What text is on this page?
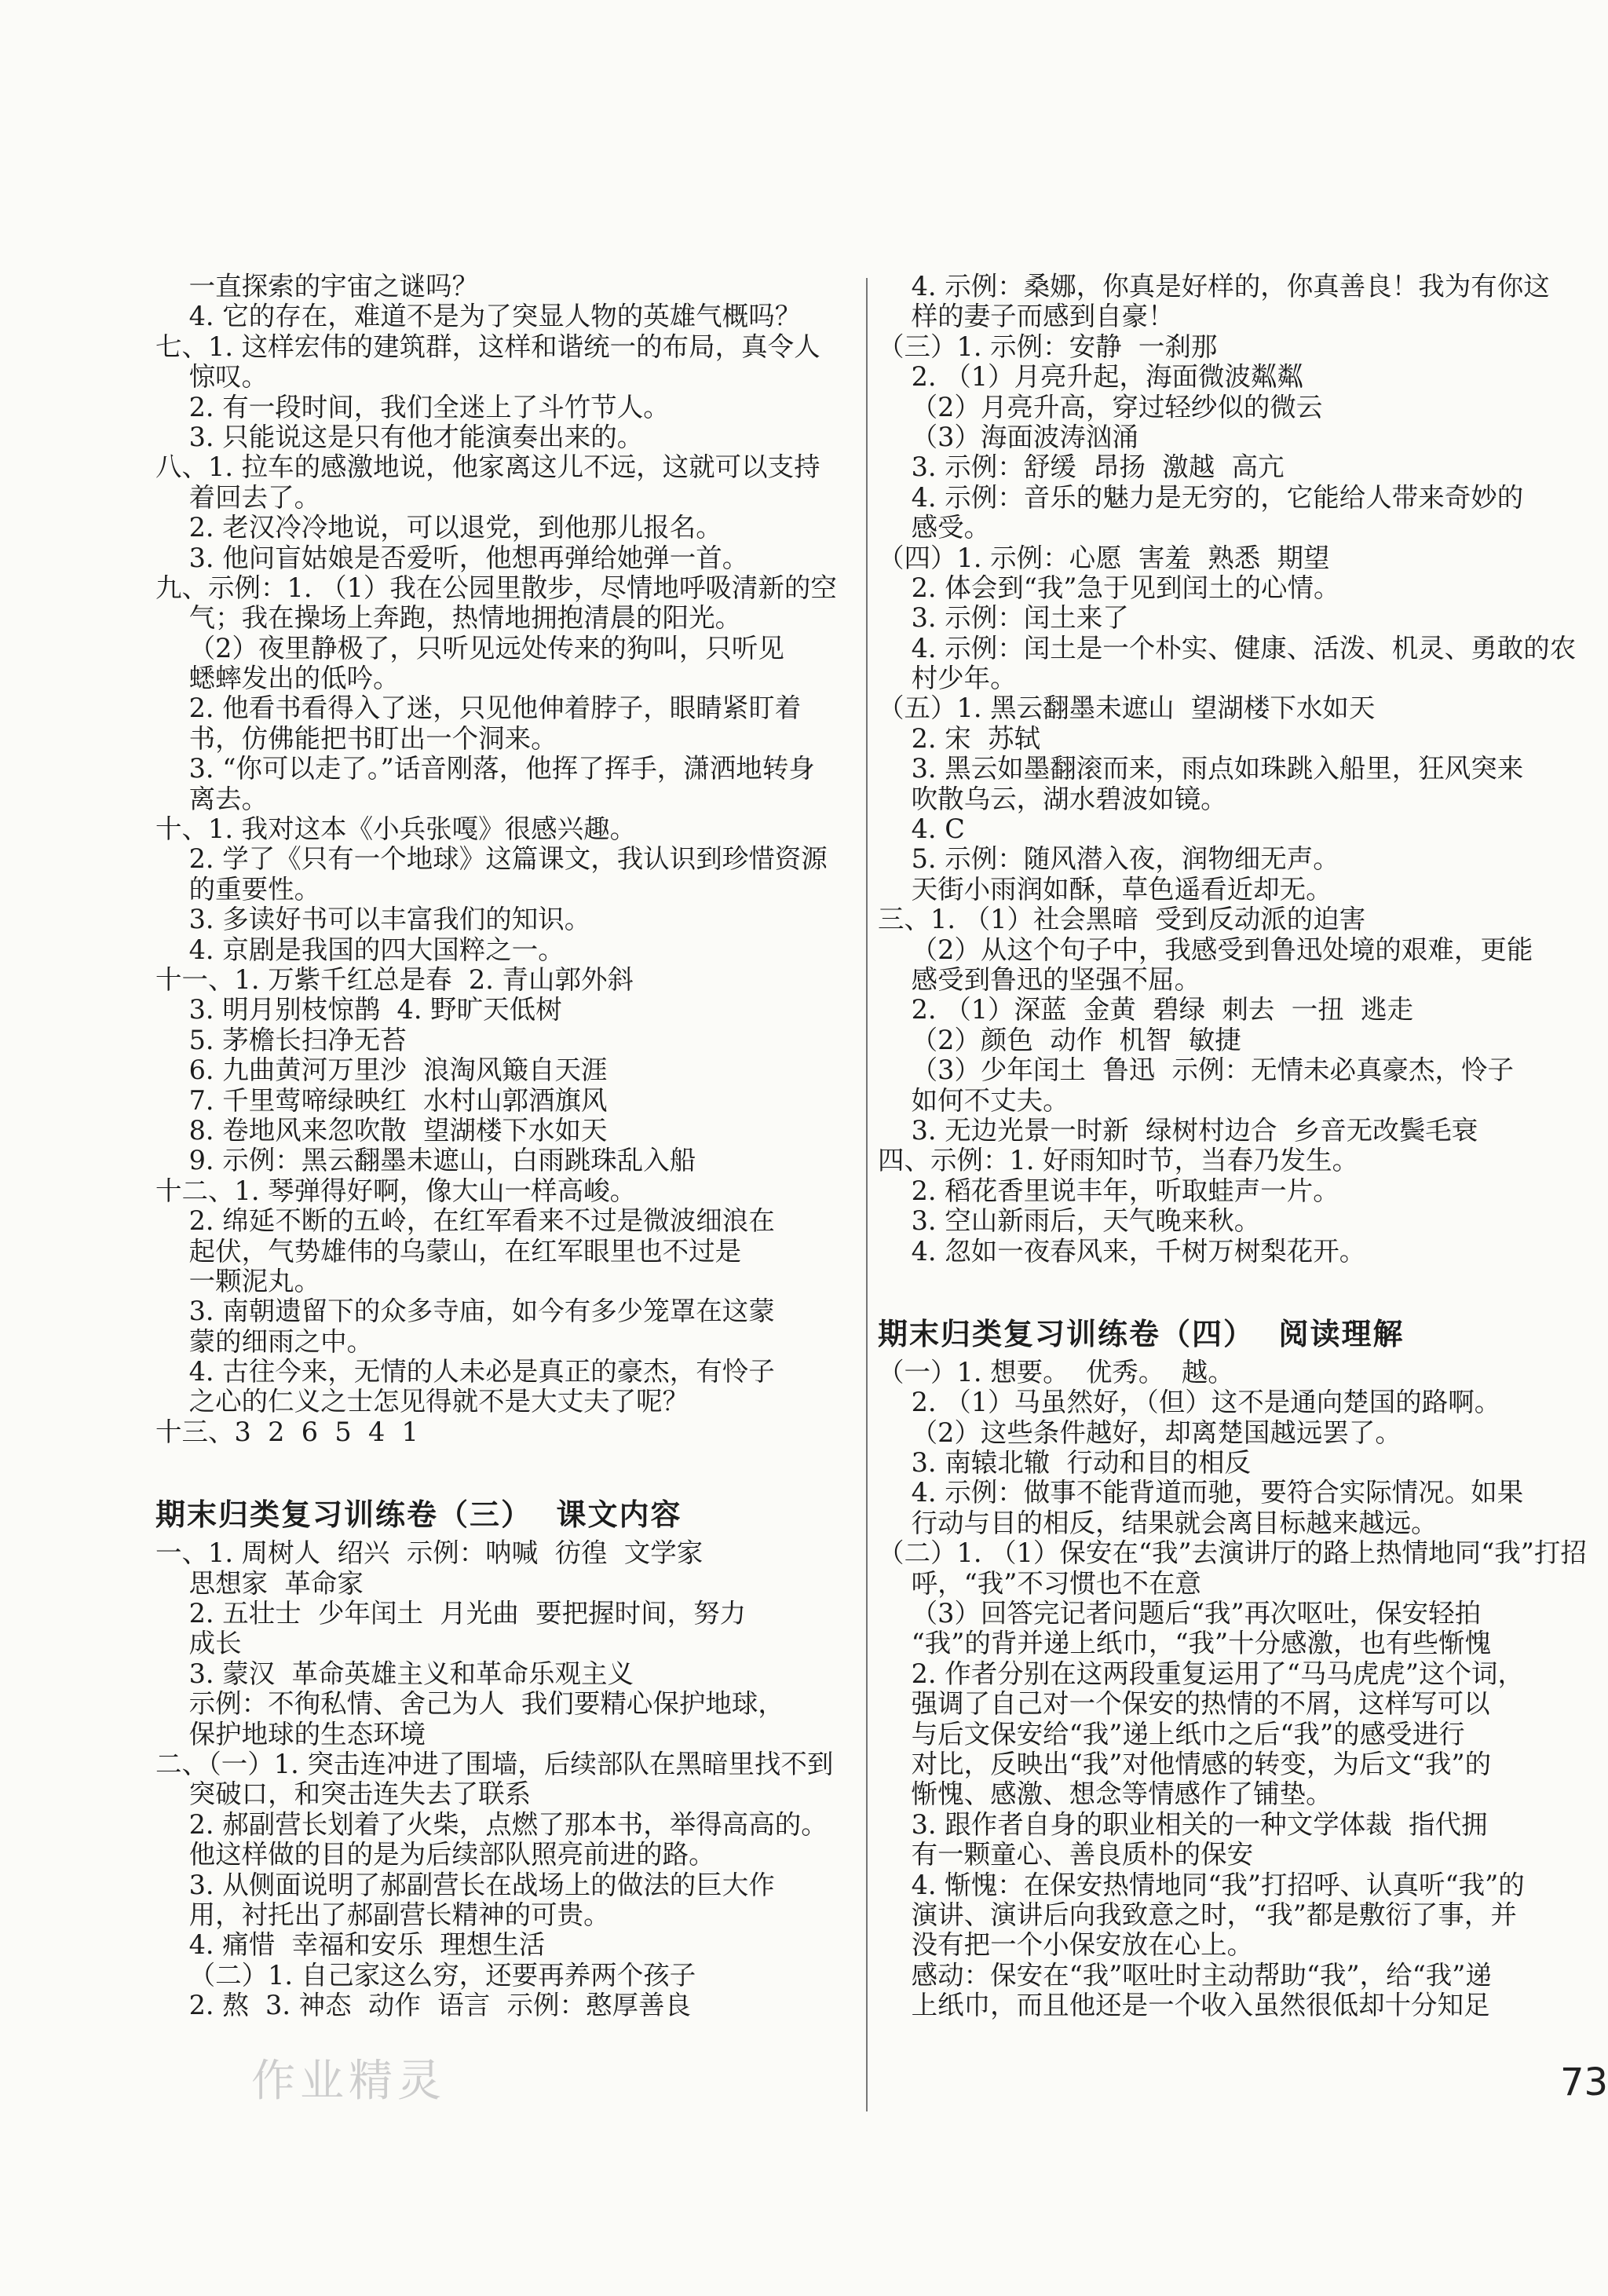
一直探索的宇宙之谜吗？
4. 它的存在，难道不是为了突显人物的英雄气概吗？
七、1. 这样宏伟的建筑群，这样和谐统一的布局，真令人
惊叹。
2. 有一段时间，我们全迷上了斗竹节人。
3. 只能说这是只有他才能演奏出来的。
八、1. 拉车的感激地说，他家离这儿不远，这就可以支持
着回去了。
2. 老汉冷冷地说，可以退党，到他那儿报名。
3. 他问盲姑娘是否爱听，他想再弹给她弹一首。
九、示例：1. （1）我在公园里散步，尽情地呼吸清新的空
气；我在操场上奔跑，热情地拥抱清晨的阳光。
（2）夜里静极了，只听见远处传来的狗叫，只听见
蟋蟀发出的低吟。
2. 他看书看得入了迷，只见他伸着脖子，眼睛紧盯着
书，仿佛能把书盯出一个洞来。
3. “你可以走了。”话音刚落，他挥了挥手，潇洒地转身
离去。
十、1. 我对这本《小兵张嘎》很感兴趣。
2. 学了《只有一个地球》这篇课文，我认识到珍惜资源
的重要性。
3. 多读好书可以丰富我们的知识。
4. 京剧是我国的四大国粹之一。
十一、1. 万紫千红总是春  2. 青山郭外斜
3. 明月别枝惊鹊  4. 野旷天低树
5. 茅檐长扫净无苔
6. 九曲黄河万里沙  浪淘风簸自天涯
7. 千里莺啼绿映红  水村山郭酒旗风
8. 卷地风来忽吹散  望湖楼下水如天
9. 示例：黑云翻墨未遮山，白雨跳珠乱入船
十二、1. 琴弹得好啊，像大山一样高峻。
2. 绵延不断的五岭，在红军看来不过是微波细浪在
起伏，气势雄伟的乌蒙山，在红军眼里也不过是
一颗泥丸。
3. 南朝遗留下的众多寺庙，如今有多少笼罩在这蒙
蒙的细雨之中。
4. 古往今来，无情的人未必是真正的豪杰，有怜子
之心的仁义之士怎见得就不是大丈夫了呢？
十三、3  2  6  5  4  1
期末归类复习训练卷（三）  课文内容
一、1. 周树人  绍兴  示例：呐喊  彷徨  文学家
思想家  革命家
2. 五壮士  少年闰土  月光曲  要把握时间，努力
成长
3. 蒙汉  革命英雄主义和革命乐观主义
示例：不徇私情、舍己为人  我们要精心保护地球，
保护地球的生态环境
二、（一）1. 突击连冲进了围墙，后续部队在黑暗里找不到
突破口，和突击连失去了联系
2. 郝副营长划着了火柴，点燃了那本书，举得高高的。
他这样做的目的是为后续部队照亮前进的路。
3. 从侧面说明了郝副营长在战场上的做法的巨大作
用，衬托出了郝副营长精神的可贵。
4. 痛惜  幸福和安乐  理想生活
（二）1. 自己家这么穷，还要再养两个孩子
2. 熬  3. 神态  动作  语言  示例：憨厚善良
4. 示例：桑娜，你真是好样的，你真善良！我为有你这
样的妻子而感到自豪！
（三）1. 示例：安静  一刹那
2. （1）月亮升起，海面微波粼粼
（2）月亮升高，穿过轻纱似的微云
（3）海面波涛汹涌
3. 示例：舒缓  昂扬  激越  高亢
4. 示例：音乐的魅力是无穷的，它能给人带来奇妙的
感受。
（四）1. 示例：心愿  害羞  熟悉  期望
2. 体会到“我”急于见到闰土的心情。
3. 示例：闰土来了
4. 示例：闰土是一个朴实、健康、活泼、机灵、勇敢的农
村少年。
（五）1. 黑云翻墨未遮山  望湖楼下水如天
2. 宋  苏轼
3. 黑云如墨翻滚而来，雨点如珠跳入船里，狂风突来
吹散乌云，湖水碧波如镜。
4. C
5. 示例：随风潜入夜，润物细无声。
天街小雨润如酥，草色遥看近却无。
三、1. （1）社会黑暗  受到反动派的迫害
（2）从这个句子中，我感受到鲁迅处境的艰难，更能
感受到鲁迅的坚强不屈。
2. （1）深蓝  金黄  碧绿  刺去  一扭  逃走
（2）颜色  动作  机智  敏捷
（3）少年闰土  鲁迅  示例：无情未必真豪杰，怜子
如何不丈夫。
3. 无边光景一时新  绿树村边合  乡音无改鬓毛衰
四、示例：1. 好雨知时节，当春乃发生。
2. 稻花香里说丰年，听取蛙声一片。
3. 空山新雨后，天气晚来秋。
4. 忽如一夜春风来，千树万树梨花开。
期末归类复习训练卷（四）  阅读理解
（一）1. 想要。  优秀。  越。
2. （1）马虽然好，（但）这不是通向楚国的路啊。
（2）这些条件越好，却离楚国越远罢了。
3. 南辕北辙  行动和目的相反
4. 示例：做事不能背道而驰，要符合实际情况。如果
行动与目的相反，结果就会离目标越来越远。
（二）1. （1）保安在“我”去演讲厅的路上热情地同“我”打招
呼，“我”不习惯也不在意
（3）回答完记者问题后“我”再次呕吐，保安轻拍
“我”的背并递上纸巾，“我”十分感激，也有些惭愧
2. 作者分别在这两段重复运用了“马马虎虎”这个词，
强调了自己对一个保安的热情的不屑，这样写可以
与后文保安给“我”递上纸巾之后“我”的感受进行
对比，反映出“我”对他情感的转变，为后文“我”的
惭愧、感激、想念等情感作了铺垫。
3. 跟作者自身的职业相关的一种文学体裁  指代拥
有一颗童心、善良质朴的保安
4. 惭愧：在保安热情地同“我”打招呼、认真听“我”的
演讲、演讲后向我致意之时，“我”都是敷衍了事，并
没有把一个小保安放在心上。
感动：保安在“我”呕吐时主动帮助“我”，给“我”递
上纸巾，而且他还是一个收入虽然很低却十分知足
作业精灵	73
